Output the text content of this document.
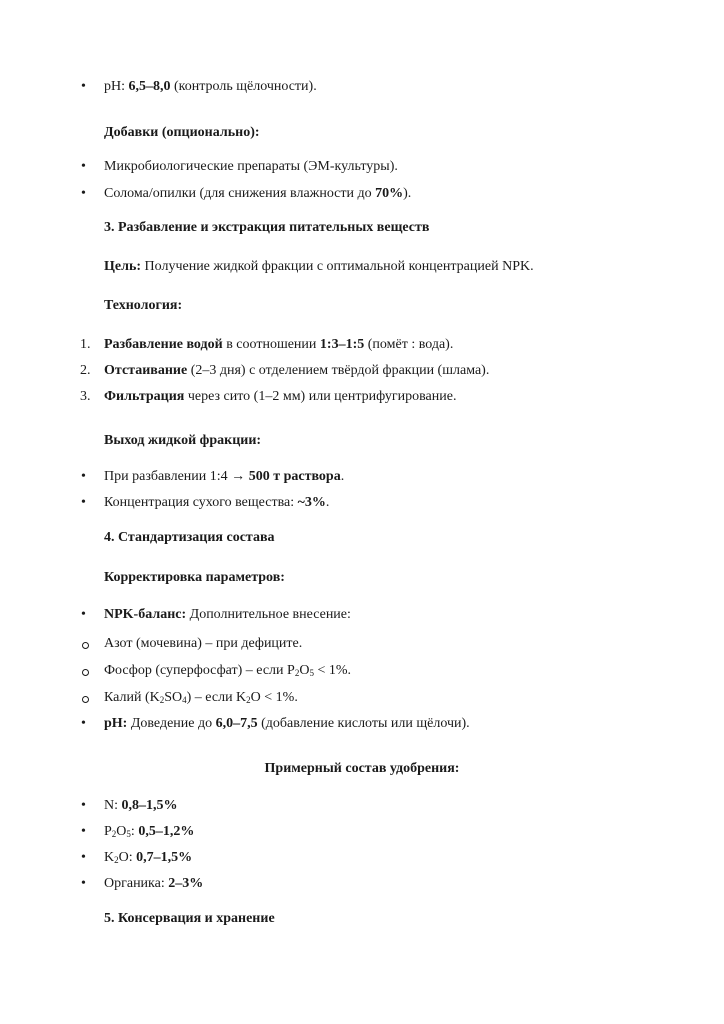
•	pH: 6,5–8,0 (контроль щёлочности).
Добавки (опционально):
•	Микробиологические препараты (ЭМ-культуры).
•	Солома/опилки (для снижения влажности до 70%).
3. Разбавление и экстракция питательных веществ
Цель: Получение жидкой фракции с оптимальной концентрацией NPK.
Технология:
1. Разбавление водой в соотношении 1:3–1:5 (помёт : вода).
2. Отстаивание (2–3 дня) с отделением твёрдой фракции (шлама).
3. Фильтрация через сито (1–2 мм) или центрифугирование.
Выход жидкой фракции:
•	При разбавлении 1:4 → 500 т раствора.
•	Концентрация сухого вещества: ~3%.
4. Стандартизация состава
Корректировка параметров:
•	NPK-баланс: Дополнительное внесение:
Азот (мочевина) – при дефиците.
Фосфор (суперфосфат) – если $P_2O_5 < 1\%$.
Калий $(K_2SO_4)$ – если $K_2O < 1\%$.
•	pH: Доведение до 6,0–7,5 (добавление кислоты или щёлочи).
Примерный состав удобрения:
•	N: 0,8–1,5%
•	$P_2O_5$: 0,5–1,2%
•	$K_2O$: 0,7–1,5%
•	Органика: 2–3%
5. Консервация и хранение
